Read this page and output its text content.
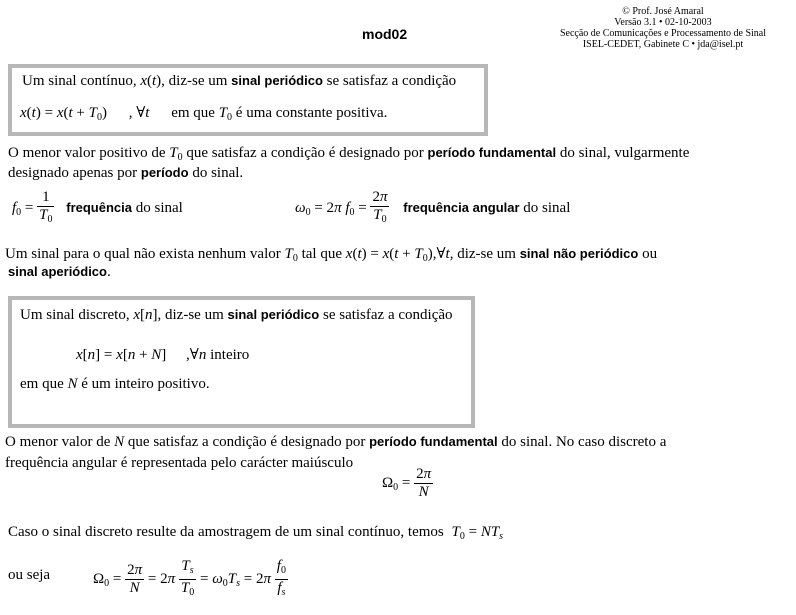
mod02
© Prof. José Amaral
Versão 3.1 • 02-10-2003
Secção de Comunicações e Processamento de Sinal
ISEL-CEDET, Gabinete C • jda@isel.pt
Um sinal contínuo, x(t), diz-se um sinal periódico se satisfaz a condição
$x(t) = x(t + T_0)$ , ∀t em que $T_0$ é uma constante positiva.
O menor valor positivo de $T_0$ que satisfaz a condição é designado por período fundamental do sinal, vulgarmente
designado apenas por período do sinal.
$f_0 = \frac{1}{T_0}$ frequência do sinal	$\omega_0 = 2\pi$ $f_0 = \frac{2\pi}{T_0}$ frequência angular do sinal
Um sinal para o qual não exista nenhum valor $T_0$ tal que $x(t) = x(t + T_0),\forall t$, diz-se um sinal não periódico ou
sinal aperiódico.
Um sinal discreto, x[n], diz-se um sinal periódico se satisfaz a condição
x[n] = x[n + N] ,∀n inteiro
em que N é um inteiro positivo.
O menor valor de N que satisfaz a condição é designado por período fundamental do sinal. No caso discreto a
frequência angular é representada pelo carácter maiúsculo
$\Omega_0 = \frac{2\pi}{N}$
Caso o sinal discreto resulte da amostragem de um sinal contínuo, temos $T_0 = NT_s$
ou seja	$\Omega_0 = \frac{2\pi}{N} = 2\pi \frac{T_s}{T_0} = \omega_0T_s = 2\pi \frac{f_0}{f_s}$
